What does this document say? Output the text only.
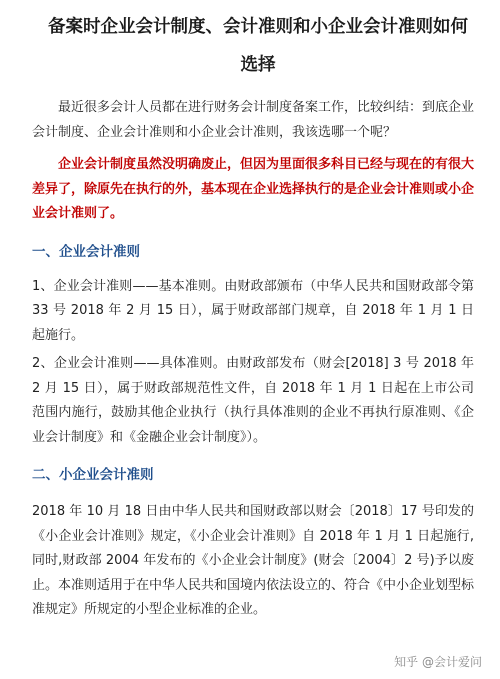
备案时企业会计制度、会计准则和小企业会计准则如何
选择

最近很多会计人员都在进行财务会计制度备案工作，比较纠结：到底企业会计制度、企业会计准则和小企业会计准则，我该选哪一个呢？

企业会计制度虽然没明确废止，但因为里面很多科目已经与现在的有很大差异了，除原先在执行的外，基本现在企业选择执行的是企业会计准则或小企业会计准则了。

一、企业会计准则

1、企业会计准则——基本准则。由财政部颁布（中华人民共和国财政部令第 33 号 2018 年 2 月 15 日），属于财政部部门规章，自 2018 年 1 月 1 日起施行。

2、企业会计准则——具体准则。由财政部发布（财会[2018] 3 号 2018 年 2 月 15 日），属于财政部规范性文件，自 2018 年 1 月 1 日起在上市公司范围内施行，鼓励其他企业执行（执行具体准则的企业不再执行原准则、《企业会计制度》和《金融企业会计制度》）。

二、小企业会计准则

2018 年 10 月 18 日由中华人民共和国财政部以财会〔2018〕17 号印发的《小企业会计准则》规定，《小企业会计准则》自 2018 年 1 月 1 日起施行,同时,财政部 2004 年发布的《小企业会计制度》(财会〔2004〕2 号)予以废止。本准则适用于在中华人民共和国境内依法设立的、符合《中小企业划型标准规定》所规定的小型企业标准的企业。

知乎 @会计爱问
